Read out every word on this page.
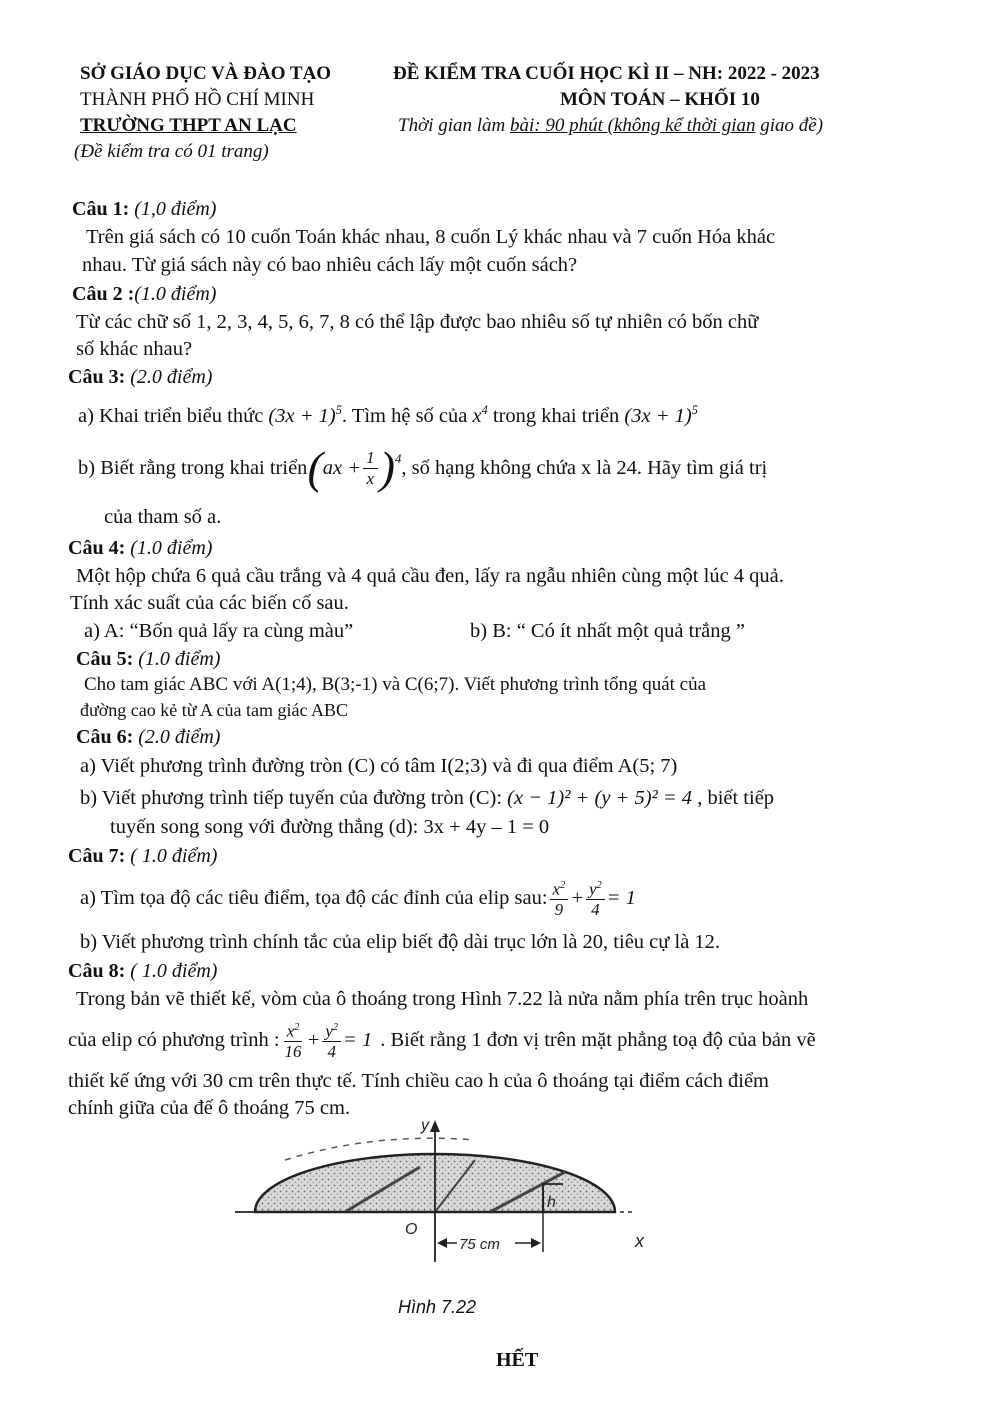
SỞ GIÁO DỤC VÀ ĐÀO TẠO
THÀNH PHỐ HỒ CHÍ MINH
TRƯỜNG THPT AN LẠC
(Đề kiểm tra có 01 trang)
ĐỀ KIỂM TRA CUỐI HỌC KÌ II – NH: 2022 - 2023
MÔN TOÁN – KHỐI 10
Thời gian làm bài: 90 phút (không kể thời gian giao đề)
Câu 1: (1,0 điểm)
Trên giá sách có 10 cuốn Toán khác nhau, 8 cuốn Lý khác nhau và 7 cuốn Hóa khác
nhau. Từ giá sách này có bao nhiêu cách lấy một cuốn sách?
Câu 2 :(1.0 điểm)
Từ các chữ số 1, 2, 3, 4, 5, 6, 7, 8 có thể lập được bao nhiêu số tự nhiên có bốn chữ
số khác nhau?
Câu 3: (2.0 điểm)
a) Khai triển biểu thức $(3x + 1)^5$. Tìm hệ số của $x^4$ trong khai triển $(3x + 1)^5$
b) Biết rằng trong khai triển ( ax + $\frac{1}{x} )^4$ , số hạng không chứa x là 24. Hãy tìm giá trị
của tham số a.
Câu 4: (1.0 điểm)
Một hộp chứa 6 quả cầu trắng và 4 quả cầu đen, lấy ra ngẫu nhiên cùng một lúc 4 quả.
Tính xác suất của các biến cố sau.
a) A: “Bốn quả lấy ra cùng màu”	b) B: “ Có ít nhất một quả trắng ”
Câu 5: (1.0 điểm)
Cho tam giác ABC với A(1;4), B(3;-1) và C(6;7). Viết phương trình tổng quát của
đường cao kẻ từ A của tam giác ABC
Câu 6: (2.0 điểm)
a) Viết phương trình đường tròn (C) có tâm I(2;3) và đi qua điểm A(5; 7)
b) Viết phương trình tiếp tuyến của đường tròn (C): (x − 1)² + (y + 5)² = 4 , biết tiếp
tuyến song song với đường thẳng (d): 3x + 4y – 1 = 0
Câu 7: ( 1.0 điểm)
a) Tìm tọa độ các tiêu điểm, tọa độ các đỉnh của elip sau: $\frac{x^2}{9} + \frac{y^2}{4} = 1$
b) Viết phương trình chính tắc của elip biết độ dài trục lớn là 20, tiêu cự là 12.
Câu 8: ( 1.0 điểm)
Trong bản vẽ thiết kế, vòm của ô thoáng trong Hình 7.22 là nửa nằm phía trên trục hoành
của elip có phương trình : $\frac{x^2}{16} + \frac{y^2}{4} = 1$ . Biết rằng 1 đơn vị trên mặt phẳng toạ độ của bản vẽ
thiết kế ứng với 30 cm trên thực tế. Tính chiều cao h của ô thoáng tại điểm cách điểm
chính giữa của đế ô thoáng 75 cm.
x
y
O
h
75 cm
Hình 7.22
HẾT
